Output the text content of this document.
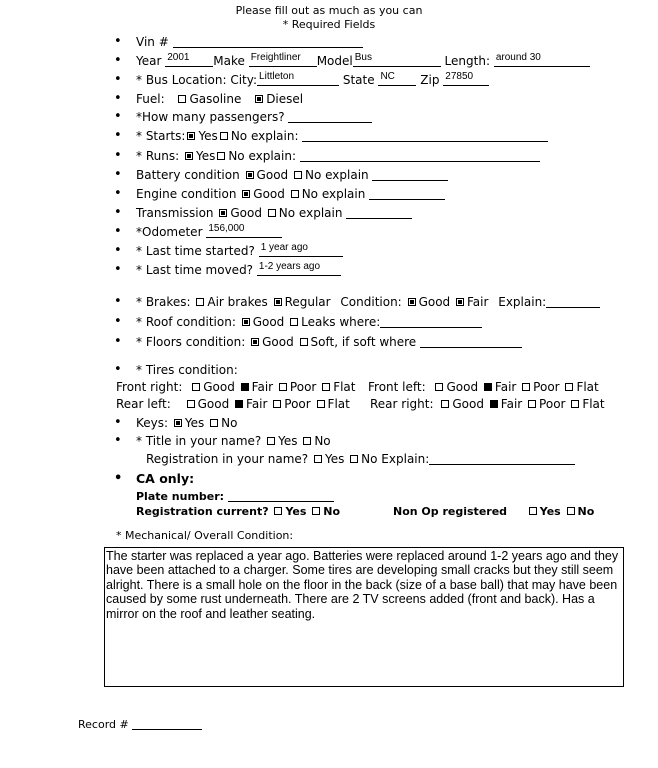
Please fill out as much as you can
* Required Fields
• Vin #
• Year 2001 Make Freightliner Model Bus	Length: around 30
• * Bus Location: City: Littleton	State NC Zip 27850
• Fuel: Gasoline Diesel
• *How many passengers?
• * Starts: Yes No explain:
• * Runs: Yes No explain:
• Battery condition Good No explain
• Engine condition Good No explain
• Transmission Good No explain
• *Odometer 156,000
• * Last time started? 1 year ago
• * Last time moved? 1-2 years ago
• * Brakes: Air brakes Regular Condition: Good Fair Explain:
• * Roof condition: Good Leaks where:
• * Floors condition: Good Soft, if soft where
• * Tires condition:
Front right: Good Fair Poor Flat Front left: Good Fair Poor Flat
Rear left: Good Fair Poor Flat Rear right: Good Fair Poor Flat
• Keys: Yes No
• * Title in your name? Yes No
Registration in your name? Yes No Explain:
• CA only:
Plate number:
Registration current? Yes No	Non Op registered	Yes No
* Mechanical/ Overall Condition:
The starter was replaced a year ago. Batteries were replaced around 1-2 years ago and they have been attached to a charger. Some tires are developing small cracks but they still seem alright. There is a small hole on the floor in the back (size of a base ball) that may have been caused by some rust underneath. There are 2 TV screens added (front and back). Has a mirror on the roof and leather seating.
Record #
